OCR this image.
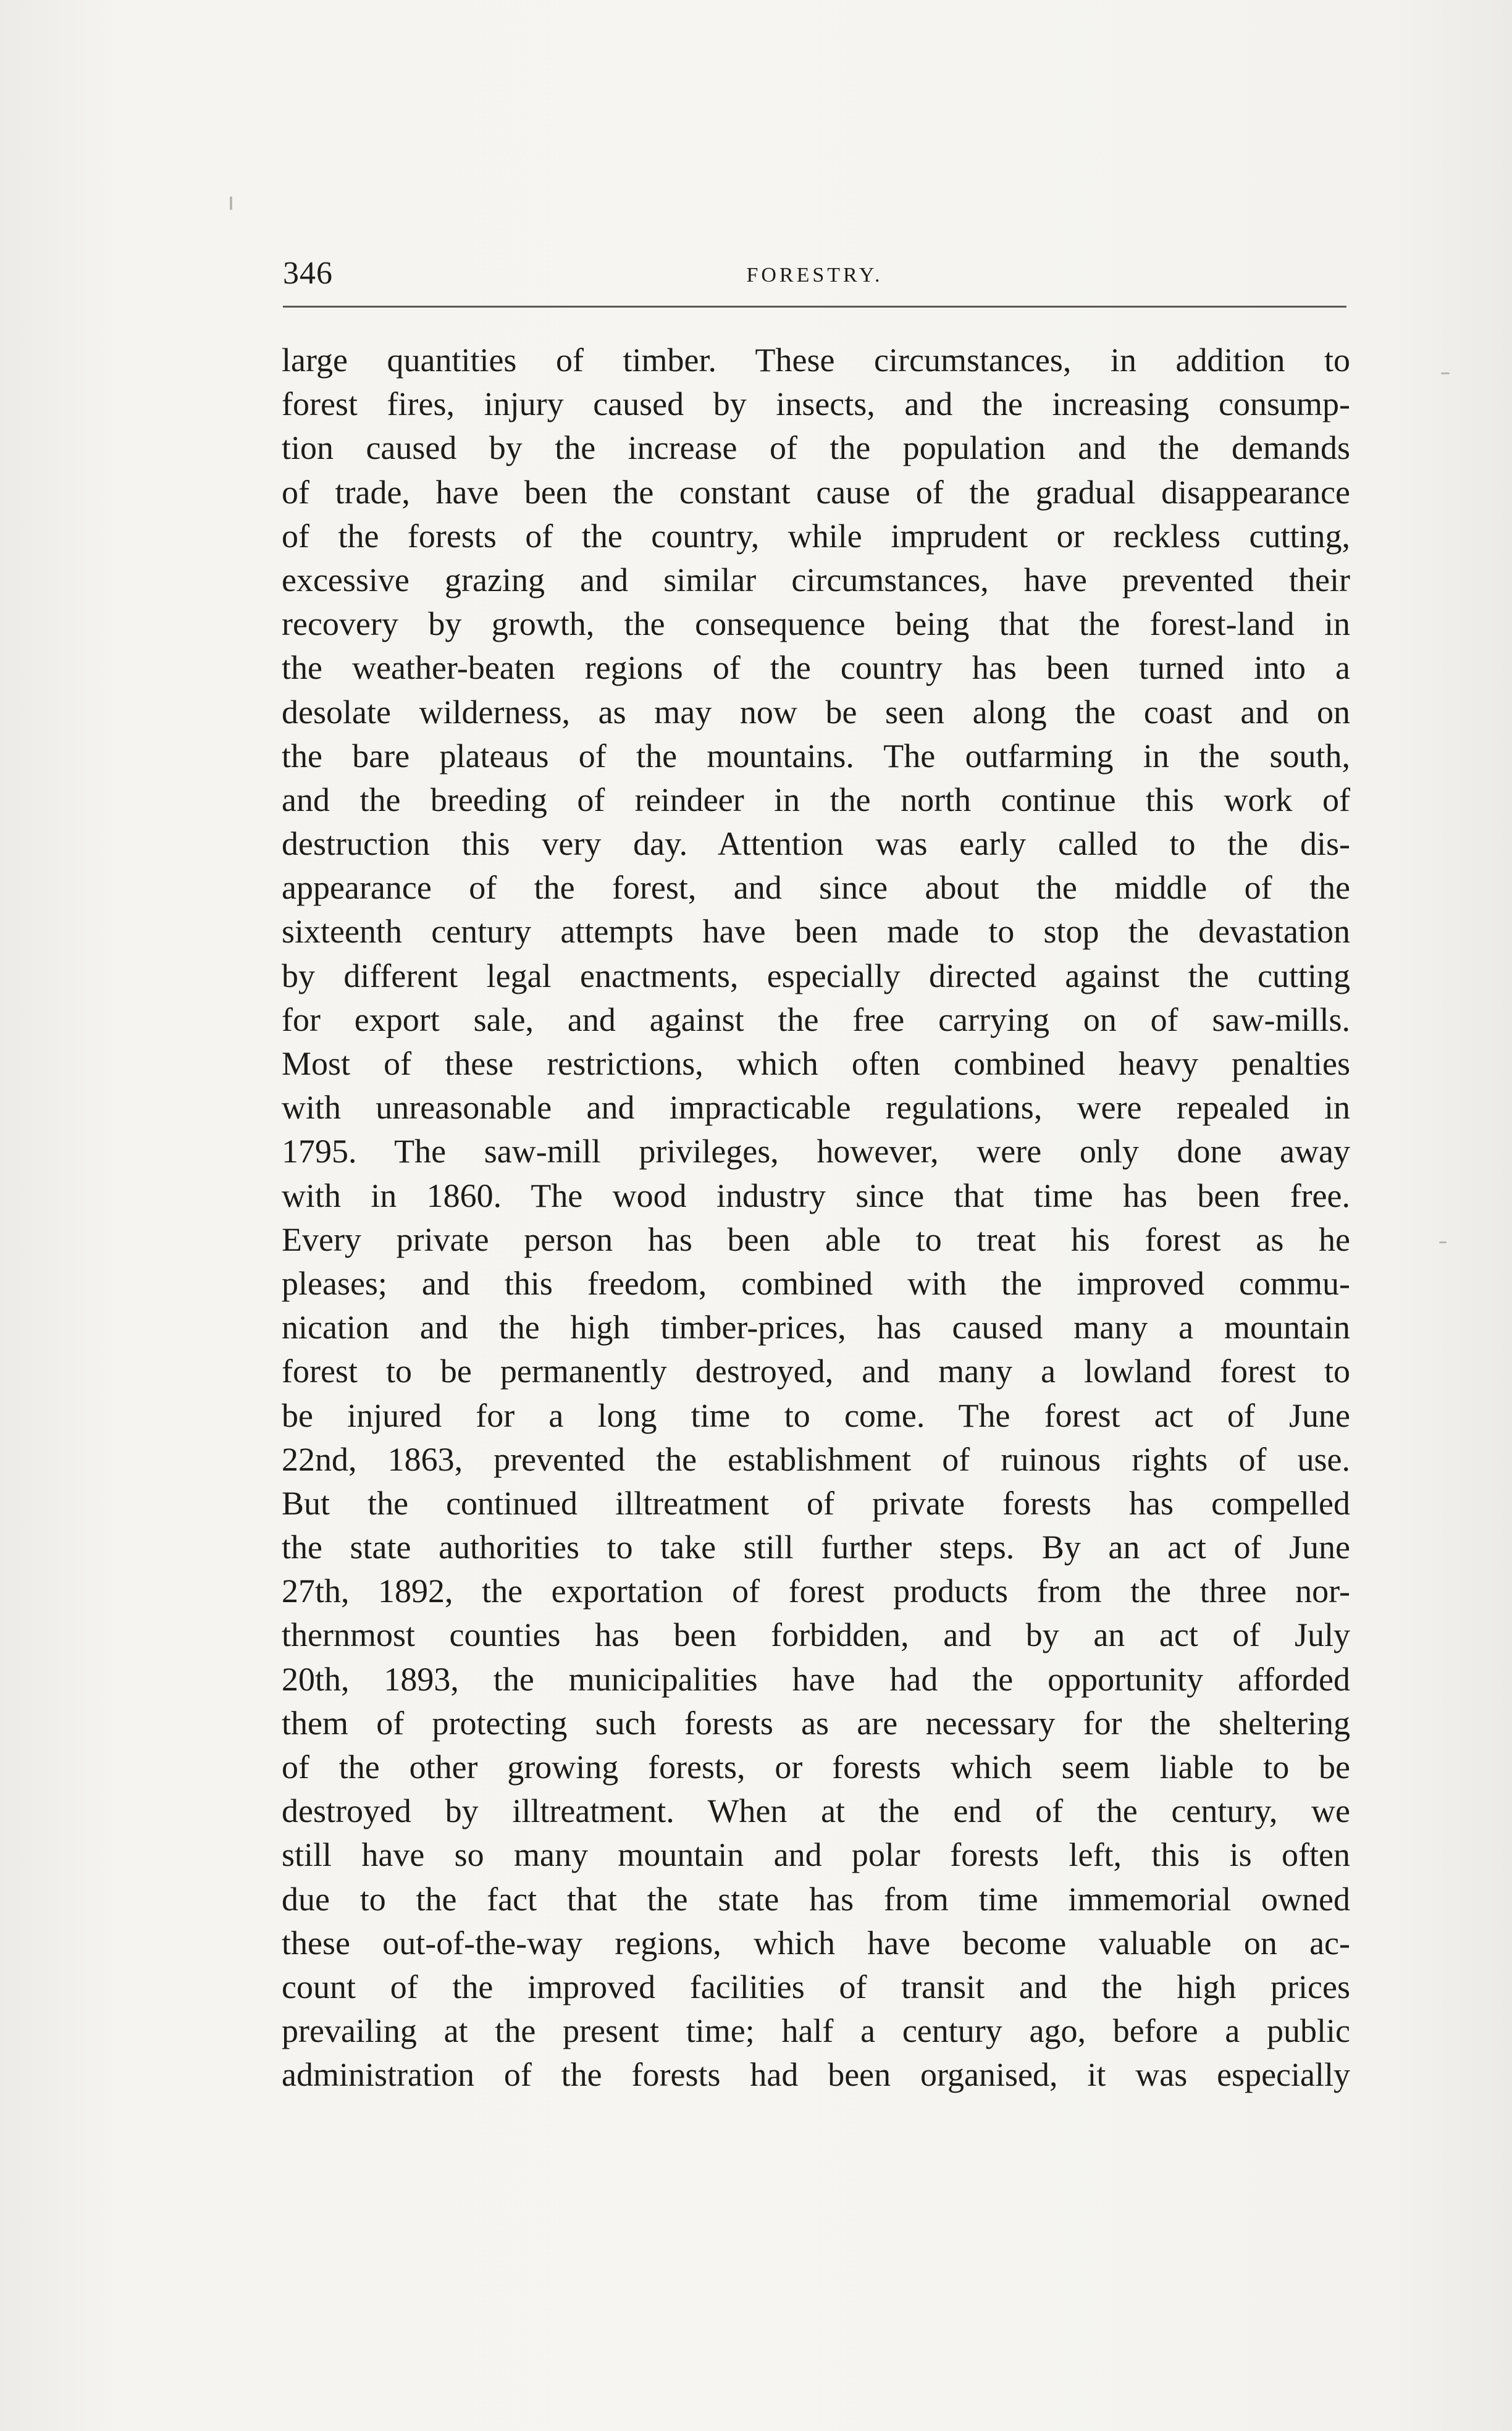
346	FORESTRY.
large quantities of timber. These circumstances, in addition to
forest fires, injury caused by insects, and the increasing consump-
tion caused by the increase of the population and the demands
of trade, have been the constant cause of the gradual disappearance
of the forests of the country, while imprudent or reckless cutting,
excessive grazing and similar circumstances, have prevented their
recovery by growth, the consequence being that the forest-land in
the weather-beaten regions of the country has been turned into a
desolate wilderness, as may now be seen along the coast and on
the bare plateaus of the mountains. The outfarming in the south,
and the breeding of reindeer in the north continue this work of
destruction this very day. Attention was early called to the dis-
appearance of the forest, and since about the middle of the
sixteenth century attempts have been made to stop the devastation
by different legal enactments, especially directed against the cutting
for export sale, and against the free carrying on of saw-mills.
Most of these restrictions, which often combined heavy penalties
with unreasonable and impracticable regulations, were repealed in
1795. The saw-mill privileges, however, were only done away
with in 1860. The wood industry since that time has been free.
Every private person has been able to treat his forest as he
pleases; and this freedom, combined with the improved commu-
nication and the high timber-prices, has caused many a mountain
forest to be permanently destroyed, and many a lowland forest to
be injured for a long time to come. The forest act of June
22nd, 1863, prevented the establishment of ruinous rights of use.
But the continued illtreatment of private forests has compelled
the state authorities to take still further steps. By an act of June
27th, 1892, the exportation of forest products from the three nor-
thernmost counties has been forbidden, and by an act of July
20th, 1893, the municipalities have had the opportunity afforded
them of protecting such forests as are necessary for the sheltering
of the other growing forests, or forests which seem liable to be
destroyed by illtreatment. When at the end of the century, we
still have so many mountain and polar forests left, this is often
due to the fact that the state has from time immemorial owned
these out-of-the-way regions, which have become valuable on ac-
count of the improved facilities of transit and the high prices
prevailing at the present time; half a century ago, before a public
administration of the forests had been organised, it was especially
